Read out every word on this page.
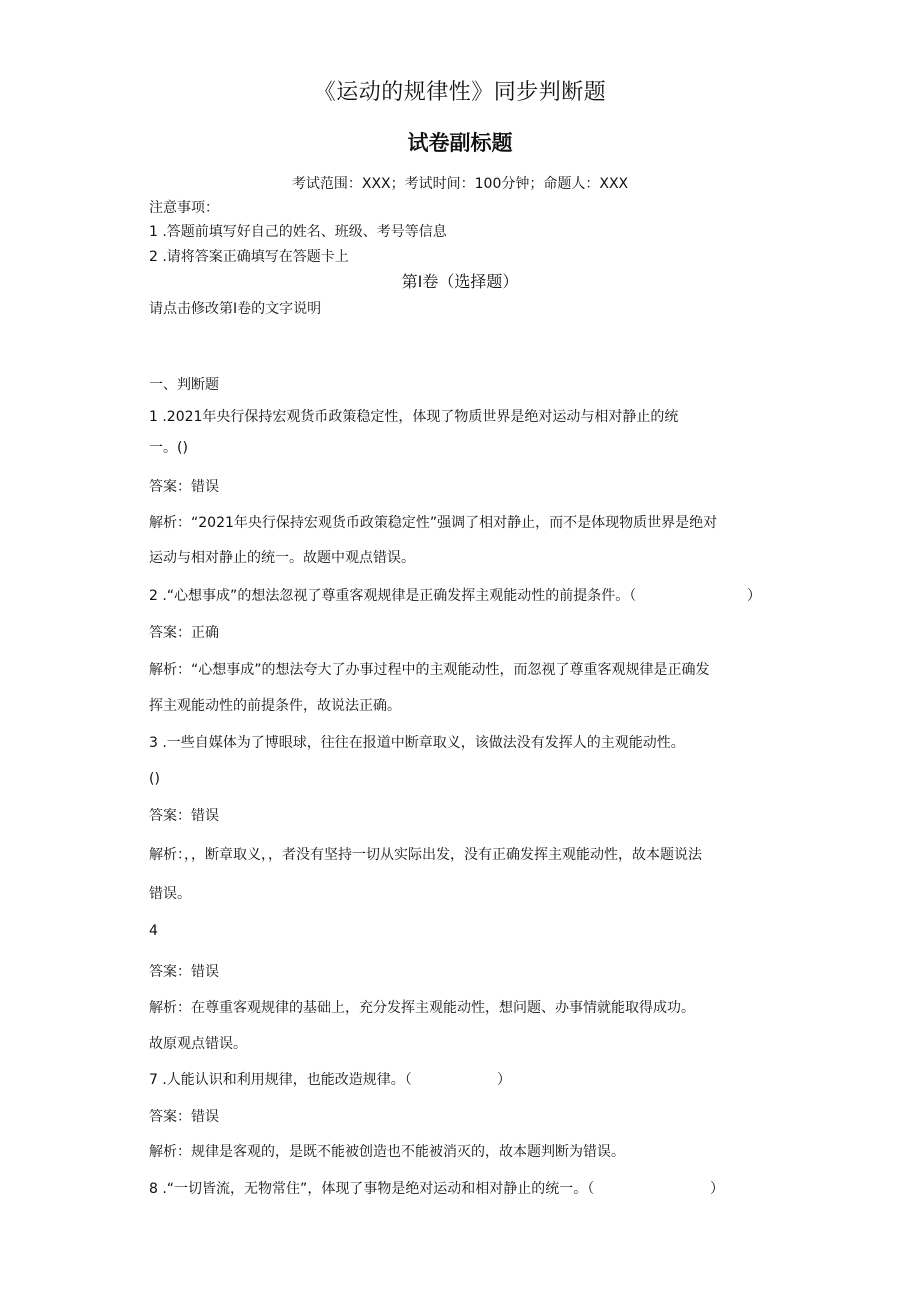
《运动的规律性》同步判断题
试卷副标题
考试范围：XXX；考试时间：100分钟；命题人：XXX
注意事项：
1 .答题前填写好自己的姓名、班级、考号等信息
2 .请将答案正确填写在答题卡上
第Ⅰ卷（选择题）
请点击修改第Ⅰ卷的文字说明
一、判断题
1 .2021年央行保持宏观货币政策稳定性，体现了物质世界是绝对运动与相对静止的统
一。()
答案：错误
解析：“2021年央行保持宏观货币政策稳定性”强调了相对静止，而不是体现物质世界是绝对
运动与相对静止的统一。故题中观点错误。
2 .“心想事成”的想法忽视了尊重客观规律是正确发挥主观能动性的前提条件。（	）
答案：正确
解析：“心想事成”的想法夸大了办事过程中的主观能动性，而忽视了尊重客观规律是正确发
挥主观能动性的前提条件，故说法正确。
3 .一些自媒体为了博眼球，往往在报道中断章取义，该做法没有发挥人的主观能动性。
()
答案：错误
解析：，，断章取义，，者没有坚持一切从实际出发，没有正确发挥主观能动性，故本题说法
错误。
4
答案：错误
解析：在尊重客观规律的基础上，充分发挥主观能动性，想问题、办事情就能取得成功。
故原观点错误。
7 .人能认识和利用规律，也能改造规律。（	）
答案：错误
解析：规律是客观的，是既不能被创造也不能被消灭的，故本题判断为错误。
8 .“一切皆流，无物常住”，体现了事物是绝对运动和相对静止的统一。（	）
